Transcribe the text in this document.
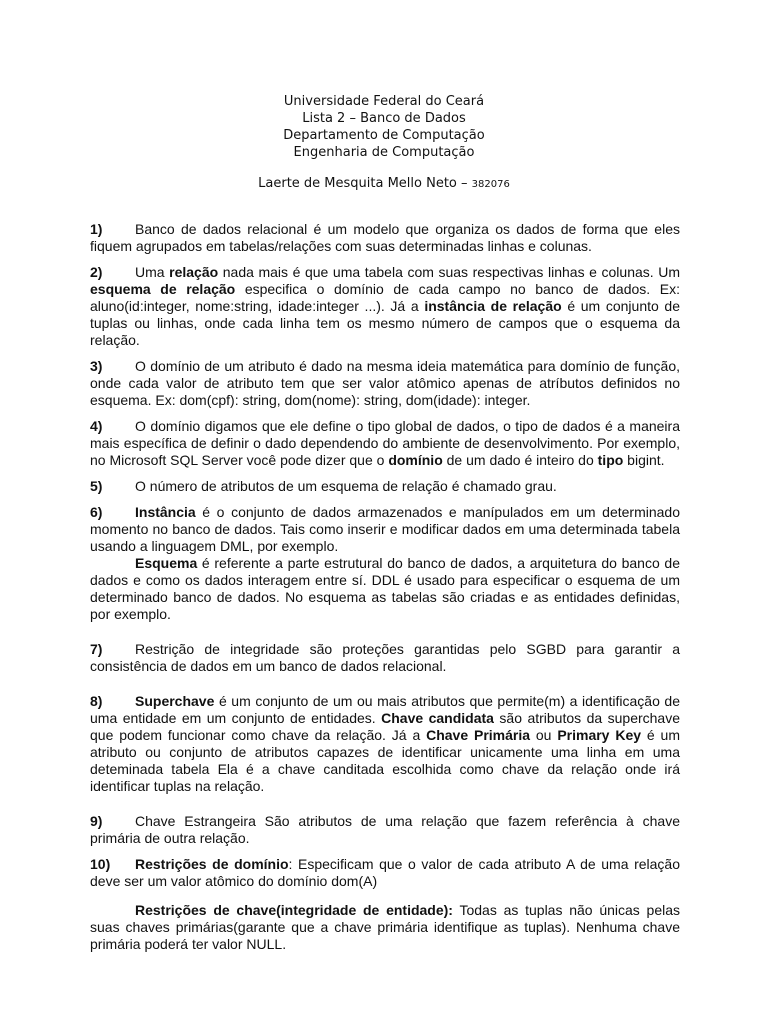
Universidade Federal do Ceará
Lista 2 – Banco de Dados
Departamento de Computação
Engenharia de Computação
Laerte de Mesquita Mello Neto – 382076

1) Banco de dados relacional é um modelo que organiza os dados de forma que eles fiquem agrupados em tabelas/relações com suas determinadas linhas e colunas.

2) Uma relação nada mais é que uma tabela com suas respectivas linhas e colunas. Um esquema de relação especifica o domínio de cada campo no banco de dados. Ex: aluno(id:integer, nome:string, idade:integer ...). Já a instância de relação é um conjunto de tuplas ou linhas, onde cada linha tem os mesmo número de campos que o esquema da relação.

3) O domínio de um atributo é dado na mesma ideia matemática para domínio de função, onde cada valor de atributo tem que ser valor atômico apenas de atríbutos definidos no esquema. Ex: dom(cpf): string, dom(nome): string, dom(idade): integer.

4) O domínio digamos que ele define o tipo global de dados, o tipo de dados é a maneira mais específica de definir o dado dependendo do ambiente de desenvolvimento. Por exemplo, no Microsoft SQL Server você pode dizer que o domínio de um dado é inteiro do tipo bigint.

5) O número de atributos de um esquema de relação é chamado grau.

6) Instância é o conjunto de dados armazenados e manípulados em um determinado momento no banco de dados. Tais como inserir e modificar dados em uma determinada tabela usando a linguagem DML, por exemplo.

Esquema é referente a parte estrutural do banco de dados, a arquitetura do banco de dados e como os dados interagem entre sí. DDL é usado para especificar o esquema de um determinado banco de dados. No esquema as tabelas são criadas e as entidades definidas, por exemplo.

7) Restrição de integridade são proteções garantidas pelo SGBD para garantir a consistência de dados em um banco de dados relacional.

8) Superchave é um conjunto de um ou mais atributos que permite(m) a identificação de uma entidade em um conjunto de entidades. Chave candidata são atributos da superchave que podem funcionar como chave da relação. Já a Chave Primária ou Primary Key é um atributo ou conjunto de atributos capazes de identificar unicamente uma linha em uma deteminada tabela Ela é a chave canditada escolhida como chave da relação onde irá identificar tuplas na relação.

9) Chave Estrangeira São atributos de uma relação que fazem referência à chave primária de outra relação.

10) Restrições de domínio: Especificam que o valor de cada atributo A de uma relação deve ser um valor atômico do domínio dom(A)

Restrições de chave(integridade de entidade): Todas as tuplas não únicas pelas suas chaves primárias(garante que a chave primária identifique as tuplas). Nenhuma chave primária poderá ter valor NULL.
